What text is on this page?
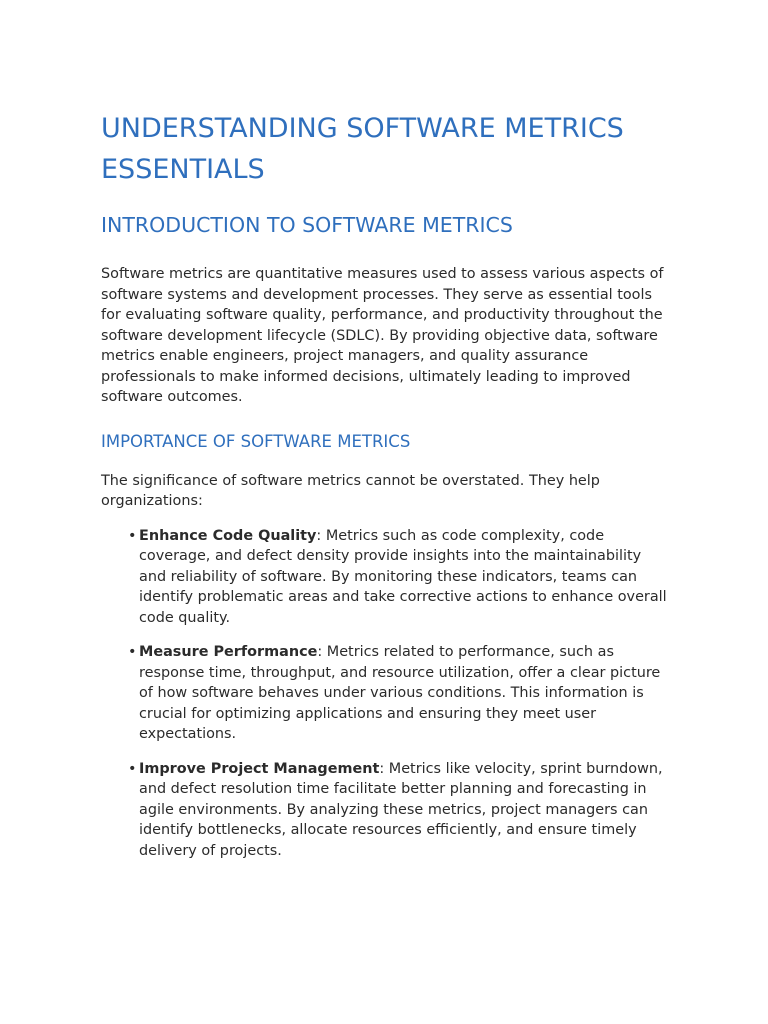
UNDERSTANDING SOFTWARE METRICS ESSENTIALS
INTRODUCTION TO SOFTWARE METRICS

Software metrics are quantitative measures used to assess various aspects of software systems and development processes. They serve as essential tools for evaluating software quality, performance, and productivity throughout the software development lifecycle (SDLC). By providing objective data, software metrics enable engineers, project managers, and quality assurance professionals to make informed decisions, ultimately leading to improved software outcomes.

IMPORTANCE OF SOFTWARE METRICS

The significance of software metrics cannot be overstated. They help organizations:

• Enhance Code Quality: Metrics such as code complexity, code coverage, and defect density provide insights into the maintainability and reliability of software. By monitoring these indicators, teams can identify problematic areas and take corrective actions to enhance overall code quality.
• Measure Performance: Metrics related to performance, such as response time, throughput, and resource utilization, offer a clear picture of how software behaves under various conditions. This information is crucial for optimizing applications and ensuring they meet user expectations.
• Improve Project Management: Metrics like velocity, sprint burndown, and defect resolution time facilitate better planning and forecasting in agile environments. By analyzing these metrics, project managers can identify bottlenecks, allocate resources efficiently, and ensure timely delivery of projects.
